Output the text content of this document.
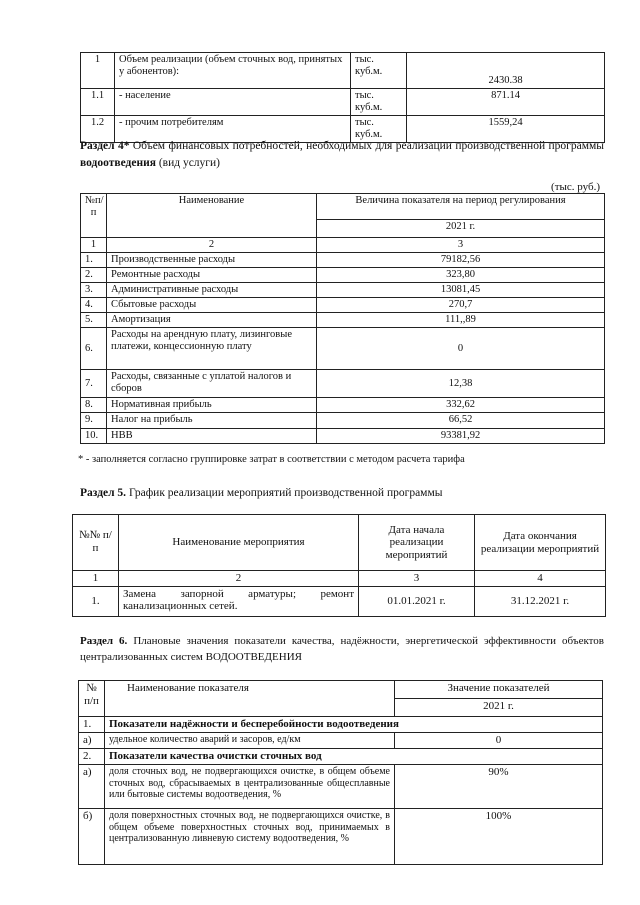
1	Объем реализации (объем сточных вод, принятых у абонентов):	тыс. куб.м.	2430.38
1.1	- население	тыс. куб.м.	871.14
1.2	- прочим потребителям	тыс. куб.м.	1559,24
Раздел 4* Объем финансовых потребностей, необходимых для реализации производственной программы водоотведения (вид услуги)
(тыс. руб.)
№п/ п	Наименование	Величина показателя на период регулирования
		2021 г.
1	2	3
1.	Производственные расходы	79182,56
2.	Ремонтные расходы	323,80
3.	Административные расходы	13081,45
4.	Сбытовые расходы	270,7
5.	Амортизация	111,,89
6.	Расходы на арендную плату, лизинговые платежи, концессионную плату	0
7.	Расходы, связанные с уплатой налогов и сборов	12,38
8.	Нормативная прибыль	332,62
9.	Налог на прибыль	66,52
10.	НВВ	93381,92
* - заполняется согласно группировке затрат в соответствии с методом расчета тарифа
Раздел 5. График реализации мероприятий производственной программы
№№ п/п	Наименование мероприятия	Дата начала реализации мероприятий	Дата окончания реализации мероприятий
1	2	3	4
1.	Замена запорной арматуры; ремонт канализационных сетей.	01.01.2021 г.	31.12.2021 г.
Раздел 6. Плановые значения показатели качества, надёжности, энергетической эффективности объектов централизованных систем ВОДООТВЕДЕНИЯ
№ п/п	Наименование показателя	Значение показателей
		2021 г.
1.	Показатели надёжности и бесперебойности водоотведения	
а)	удельное количество аварий и засоров, ед/км	0
2.	Показатели качества очистки сточных вод	
а)	доля сточных вод, не подвергающихся очистке, в общем объеме сточных вод, сбрасываемых в централизованные общесплавные или бытовые системы водоотведения, %	90%
б)	доля поверхностных сточных вод, не подвергающихся очистке, в общем объеме поверхностных сточных вод, принимаемых в централизованную ливневую систему водоотведения, %	100%
